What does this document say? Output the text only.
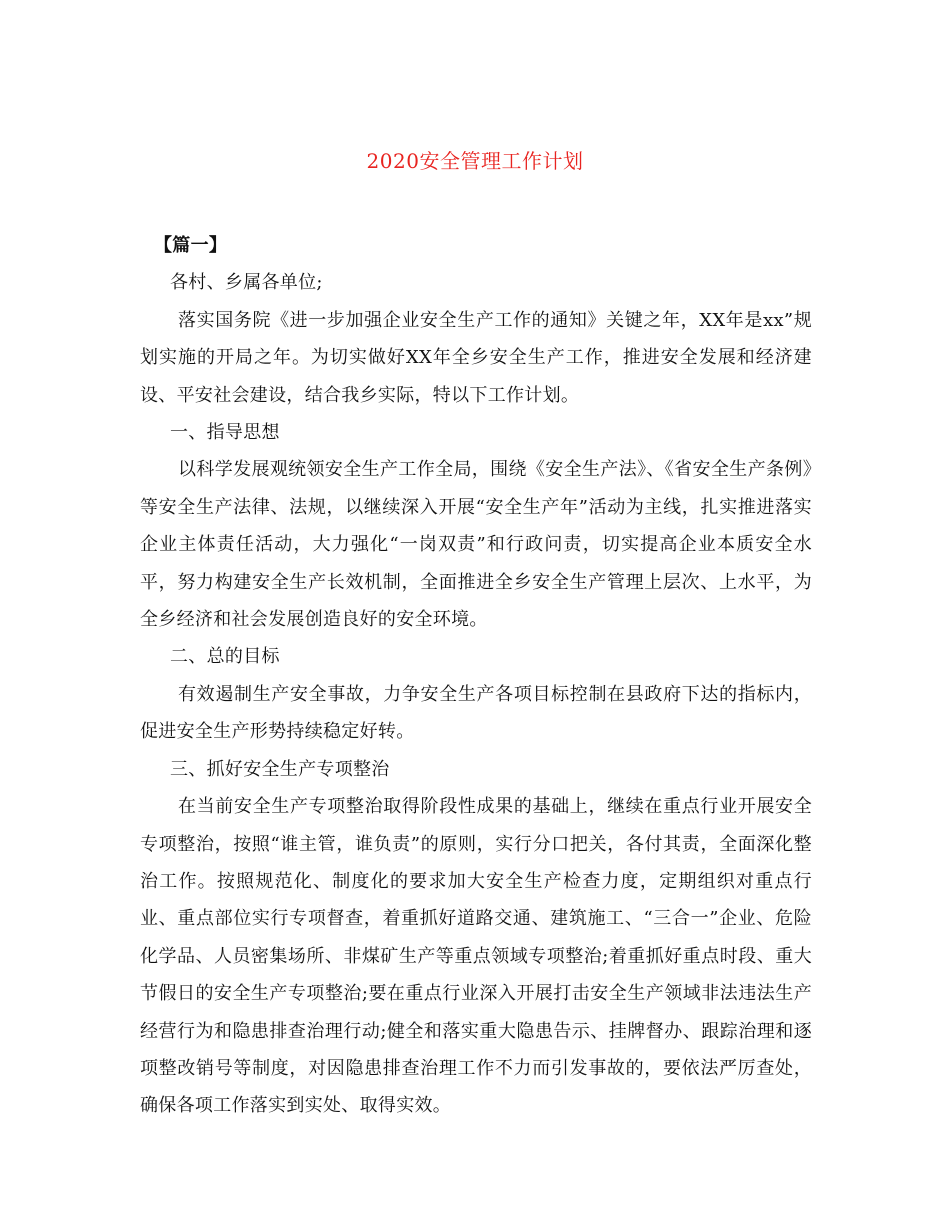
2020安全管理工作计划

【篇一】

各村、乡属各单位;

落实国务院《进一步加强企业安全生产工作的通知》关键之年，XX年是xx”规划实施的开局之年。为切实做好XX年全乡安全生产工作，推进安全发展和经济建设、平安社会建设，结合我乡实际，特以下工作计划。

一、指导思想

以科学发展观统领安全生产工作全局，围绕《安全生产法》、《省安全生产条例》等安全生产法律、法规，以继续深入开展“安全生产年”活动为主线，扎实推进落实企业主体责任活动，大力强化“一岗双责”和行政问责，切实提高企业本质安全水平，努力构建安全生产长效机制，全面推进全乡安全生产管理上层次、上水平，为全乡经济和社会发展创造良好的安全环境。

二、总的目标

有效遏制生产安全事故，力争安全生产各项目标控制在县政府下达的指标内，促进安全生产形势持续稳定好转。

三、抓好安全生产专项整治

在当前安全生产专项整治取得阶段性成果的基础上，继续在重点行业开展安全专项整治，按照“谁主管，谁负责”的原则，实行分口把关，各付其责，全面深化整治工作。按照规范化、制度化的要求加大安全生产检查力度，定期组织对重点行业、重点部位实行专项督查，着重抓好道路交通、建筑施工、“三合一”企业、危险化学品、人员密集场所、非煤矿生产等重点领域专项整治;着重抓好重点时段、重大节假日的安全生产专项整治;要在重点行业深入开展打击安全生产领域非法违法生产经营行为和隐患排查治理行动;健全和落实重大隐患告示、挂牌督办、跟踪治理和逐项整改销号等制度，对因隐患排查治理工作不力而引发事故的，要依法严厉查处，确保各项工作落实到实处、取得实效。
